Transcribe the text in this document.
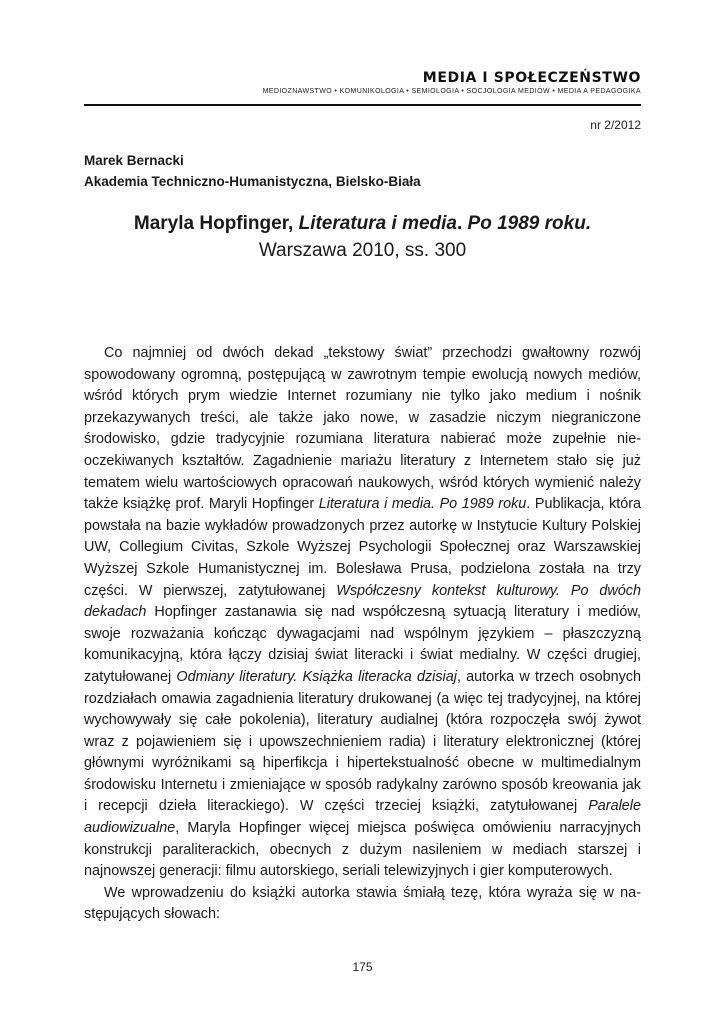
MEDIA I SPOŁECZEŃSTWO
MEDIOZNAWSTWO • KOMUNIKOLOGIA • SEMIOLOGIA • SOCJOLOGIA MEDIÓW • MEDIA A PEDAGOGIKA
nr 2/2012
Marek Bernacki
Akademia Techniczno-Humanistyczna, Bielsko-Biała
Maryla Hopfinger, Literatura i media. Po 1989 roku.
Warszawa 2010, ss. 300

Co najmniej od dwóch dekad „tekstowy świat” przechodzi gwałtowny rozwój spowodowany ogromną, postępującą w zawrotnym tempie ewolucją nowych mediów, wśród których prym wiedzie Internet rozumiany nie tylko jako medium i nośnik przekazywanych treści, ale także jako nowe, w zasadzie niczym niegraniczone środowisko, gdzie tradycyjnie rozumiana literatura nabierać może zupełnie nieoczekiwanych kształtów. Zagadnienie mariażu literatury z Internetem stało się już tematem wielu wartościowych opracowań naukowych, wśród których wymienić należy także książkę prof. Maryli Hopfinger Literatura i media. Po 1989 roku. Publikacja, która powstała na bazie wykładów prowadzonych przez autorkę w Instytucie Kultury Polskiej UW, Collegium Civitas, Szkole Wyższej Psychologii Społecznej oraz Warszawskiej Wyższej Szkole Humanistycznej im. Bolesława Prusa, podzielona została na trzy części. W pierwszej, zatytułowanej Współczesny kontekst kulturowy. Po dwóch dekadach Hopfinger zastanawia się nad współczesną sytuacją literatury i mediów, swoje rozważania kończąc dywagacjami nad wspólnym językiem – płaszczyzną komunikacyjną, która łączy dzisiaj świat literacki i świat medialny. W części drugiej, zatytułowanej Odmiany literatury. Książka literacka dzisiaj, autorka w trzech osobnych rozdziałach omawia zagadnienia literatury drukowanej (a więc tej tradycyjnej, na której wychowywały się całe pokolenia), literatury audialnej (która rozpoczęła swój żywot wraz z pojawieniem się i upowszechnieniem radia) i literatury elektronicznej (której głównymi wyróżnikami są hiperfikcja i hipertekstualność obecne w multimedialnym środowisku Internetu i zmieniające w sposób radykalny zarówno sposób kreowania jak i recepcji dzieła literackiego). W części trzeciej książki, zatytułowanej Paralele audiowizualne, Maryla Hopfinger więcej miejsca poświęca omówieniu narracyjnych konstrukcji paraliterackich, obecnych z dużym nasileniem w mediach starszej i najnowszej generacji: filmu autorskiego, seriali telewizyjnych i gier komputerowych.

We wprowadzeniu do książki autorka stawia śmiałą tezę, która wyraża się w następujących słowach:

175
